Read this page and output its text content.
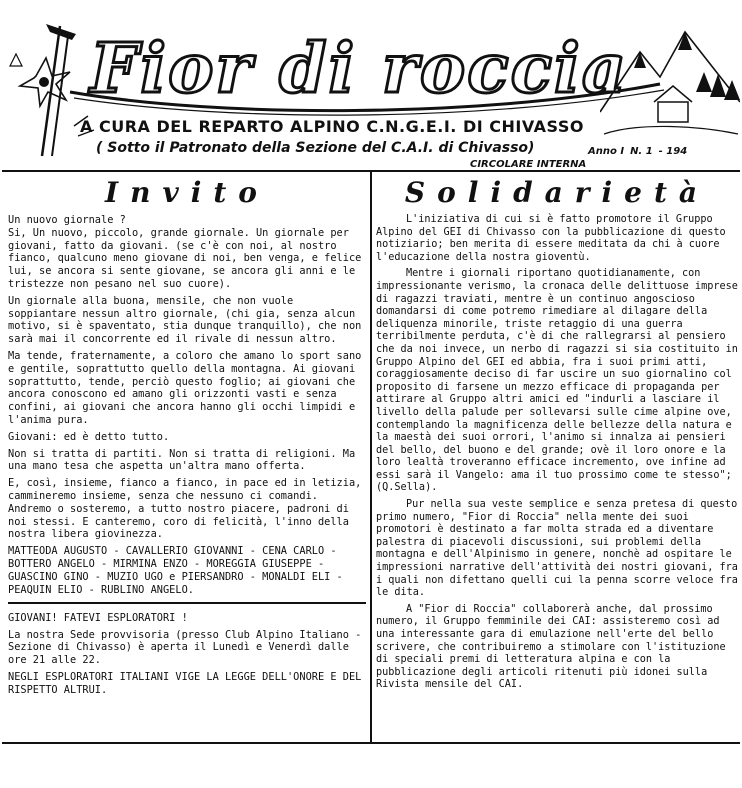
Fior di roccia
A CURA DEL REPARTO ALPINO C.N.G.E.I. DI CHIVASSO
( Sotto il Patronato della Sezione del C.A.I. di Chivasso)	Anno I N. 1 - 194
CIRCOLARE INTERNA
Invito

Un nuovo giornale ?
Si, Un nuovo, piccolo, grande giornale. Un giornale per giovani, fatto da giovani. (se c'è con noi, al nostro fianco, qualcuno meno giovane di noi, ben venga, e felice lui, se ancora si sente giovane, se ancora gli anni e le tristezze non pesano nel suo cuore).

Un giornale alla buona, mensile, che non vuole soppiantare nessun altro giornale, (chi gia, senza alcun motivo, si è spaventato, stia dunque tranquillo), che non sarà mai il concorrente ed il rivale di nessun altro.

Ma tende, fraternamente, a coloro che amano lo sport sano e gentile, soprattutto quello della montagna. Ai giovani soprattutto, tende, perciò questo foglio; ai giovani che ancora conoscono ed amano gli orizzonti vasti e senza confini, ai giovani che ancora hanno gli occhi limpidi e l'anima pura.

Giovani: ed è detto tutto.

Non si tratta di partiti. Non si tratta di religioni. Ma una mano tesa che aspetta un'altra mano offerta.

E, così, insieme, fianco a fianco, in pace ed in letizia, cammineremo insieme, senza che nessuno ci comandi. Andremo o sosteremo, a tutto nostro piacere, padroni di noi stessi. E canteremo, coro di felicità, l'inno della nostra libera giovinezza.

MATTEODA AUGUSTO - CAVALLERIO GIOVANNI - CENA CARLO - BOTTERO ANGELO - MIRMINA ENZO - MOREGGIA GIUSEPPE - GUASCINO GINO - MUZIO UGO e PIERSANDRO - MONALDI ELI - PEAQUIN ELIO - RUBLINO ANGELO.

GIOVANI! FATEVI ESPLORATORI !

La nostra Sede provvisoria (presso Club Alpino Italiano - Sezione di Chivasso) è aperta il Lunedì e Venerdì dalle ore 21 alle 22.

NEGLI ESPLORATORI ITALIANI VIGE LA LEGGE DELL'ONORE E DEL RISPETTO ALTRUI.

Solidarietà

L'iniziativa di cui si è fatto promotore il Gruppo Alpino del GEI di Chivasso con la pubblicazione di questo notiziario; ben merita di essere meditata da chi à cuore l'educazione della nostra gioventù.

Mentre i giornali riportano quotidianamente, con impressionante verismo, la cronaca delle delittuose imprese di ragazzi traviati, mentre è un continuo angoscioso domandarsi di come potremo rimediare al dilagare della deliquenza minorile, triste retaggio di una guerra terribilmente perduta, c'è di che rallegrarsi al pensiero che da noi invece, un nerbo di ragazzi si sia costituito in Gruppo Alpino del GEI ed abbia, fra i suoi primi atti, coraggiosamente deciso di far uscire un suo giornalino col proposito di farsene un mezzo efficace di propaganda per attirare al Gruppo altri amici ed "indurli a lasciare il livello della palude per sollevarsi sulle cime alpine ove, contemplando la magnificenza delle bellezze della natura e la maestà dei suoi orrori, l'animo si innalza ai pensieri del bello, del buono e del grande; ovè il loro onore e la loro lealtà troveranno efficace incremento, ove infine ad essi sarà il Vangelo: ama il tuo prossimo come te stesso"; (Q.Sella).

Pur nella sua veste semplice e senza pretesa di questo primo numero, "Fior di Roccia" nella mente dei suoi promotori è destinato a far molta strada ed a diventare palestra di piacevoli discussioni, sui problemi della montagna e dell'Alpinismo in genere, nonchè ad ospitare le impressioni narrative dell'attività dei nostri giovani, fra i quali non difettano quelli cui la penna scorre veloce fra le dita.

A "Fior di Roccia" collaborerà anche, dal prossimo numero, il Gruppo femminile dei CAI: assisteremo così ad una interessante gara di emulazione nell'erte del bello scrivere, che contribuiremo a stimolare con l'istituzione di speciali premi di letteratura alpina e con la pubblicazione degli articoli ritenuti più idonei sulla Rivista mensile del CAI.
